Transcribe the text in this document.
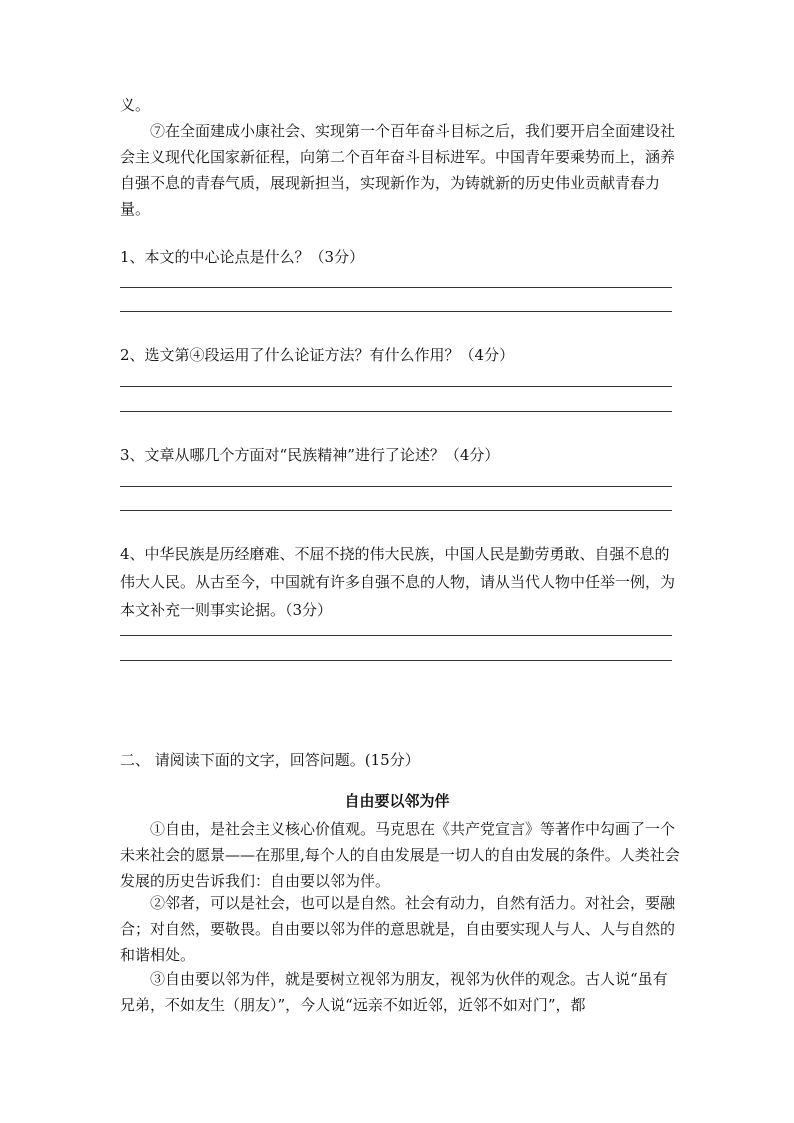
义。
⑦在全面建成小康社会、实现第一个百年奋斗目标之后，我们要开启全面建设社会主义现代化国家新征程，向第二个百年奋斗目标进军。中国青年要乘势而上，涵养自强不息的青春气质，展现新担当，实现新作为，为铸就新的历史伟业贡献青春力量。
1、本文的中心论点是什么？（3分）
2、选文第④段运用了什么论证方法？有什么作用？（4分）
3、文章从哪几个方面对“民族精神”进行了论述？（4分）
4、中华民族是历经磨难、不屈不挠的伟大民族，中国人民是勤劳勇敢、自强不息的伟大人民。从古至今，中国就有许多自强不息的人物，请从当代人物中任举一例，为本文补充一则事实论据。（3分）
二、 请阅读下面的文字，回答问题。(15分）
自由要以邻为伴
①自由，是社会主义核心价值观。马克思在《共产党宣言》等著作中勾画了一个未来社会的愿景——在那里,每个人的自由发展是一切人的自由发展的条件。人类社会发展的历史告诉我们：自由要以邻为伴。
②邻者，可以是社会，也可以是自然。社会有动力，自然有活力。对社会，要融合；对自然，要敬畏。自由要以邻为伴的意思就是，自由要实现人与人、人与自然的和谐相处。
③自由要以邻为伴，就是要树立视邻为朋友，视邻为伙伴的观念。古人说“虽有兄弟，不如友生（朋友）”，今人说“远亲不如近邻，近邻不如对门”，都
